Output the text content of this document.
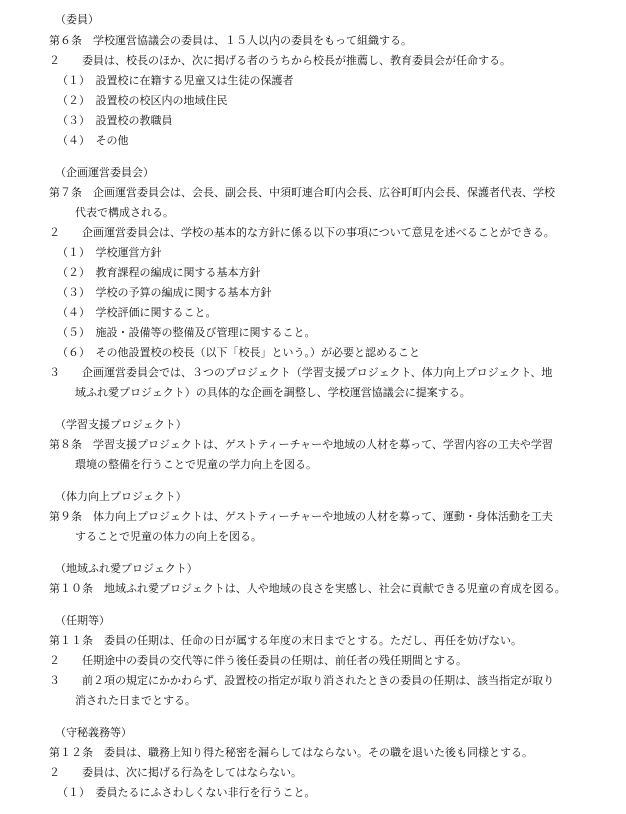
（委員）
第６条　学校運営協議会の委員は、１５人以内の委員をもって組織する。
２　　委員は、校長のほか、次に掲げる者のうちから校長が推薦し、教育委員会が任命する。
（１）　設置校に在籍する児童又は生徒の保護者
（２）　設置校の校区内の地域住民
（３）　設置校の教職員
（４）　その他
（企画運営委員会）
第７条　企画運営委員会は、会長、副会長、中須町連合町内会長、広谷町町内会長、保護者代表、学校
代表で構成される。
２　　企画運営委員会は、学校の基本的な方針に係る以下の事項について意見を述べることができる。
（１）　学校運営方針
（２）　教育課程の編成に関する基本方針
（３）　学校の予算の編成に関する基本方針
（４）　学校評価に関すること。
（５）　施設・設備等の整備及び管理に関すること。
（６）　その他設置校の校長（以下「校長」という。）が必要と認めること
３　　企画運営委員会では、３つのプロジェクト（学習支援プロジェクト、体力向上プロジェクト、地
域ふれ愛プロジェクト）の具体的な企画を調整し、学校運営協議会に提案する。
（学習支援プロジェクト）
第８条　学習支援プロジェクトは、ゲストティーチャーや地域の人材を募って、学習内容の工夫や学習
環境の整備を行うことで児童の学力向上を図る。
（体力向上プロジェクト）
第９条　体力向上プロジェクトは、ゲストティーチャーや地域の人材を募って、運動・身体活動を工夫
することで児童の体力の向上を図る。
（地域ふれ愛プロジェクト）
第１０条　地域ふれ愛プロジェクトは、人や地域の良さを実感し、社会に貢献できる児童の育成を図る。
（任期等）
第１１条　委員の任期は、任命の日が属する年度の末日までとする。ただし、再任を妨げない。
２　　任期途中の委員の交代等に伴う後任委員の任期は、前任者の残任期間とする。
３　　前２項の規定にかかわらず、設置校の指定が取り消されたときの委員の任期は、該当指定が取り
消された日までとする。
（守秘義務等）
第１２条　委員は、職務上知り得た秘密を漏らしてはならない。その職を退いた後も同様とする。
２　　委員は、次に掲げる行為をしてはならない。
（１）　委員たるにふさわしくない非行を行うこと。
